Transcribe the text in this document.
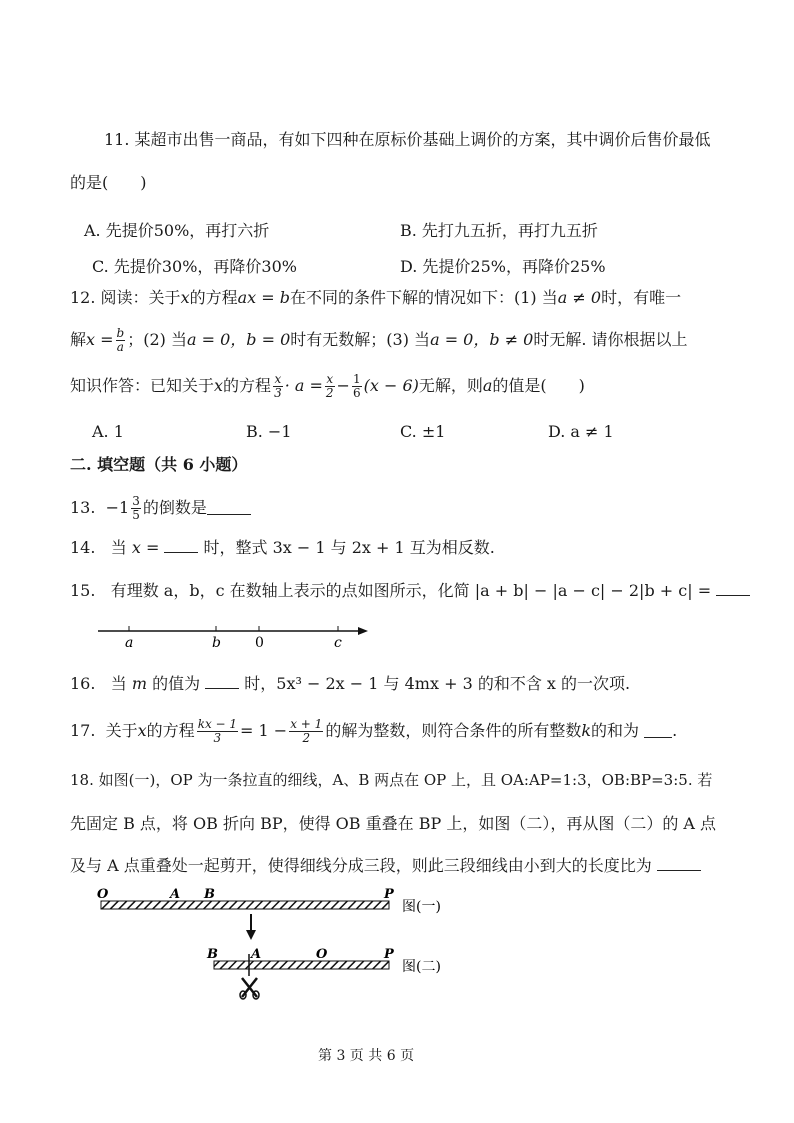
11. 某超市出售一商品，有如下四种在原标价基础上调价的方案，其中调价后售价最低
的是(　　)
A. 先提价50%，再打六折	B. 先打九五折，再打九五折
C. 先提价30%，再降价30%	D. 先提价25%，再降价25%
12. 阅读：关于x的方程ax = b在不同的条件下解的情况如下：(1) 当a ≠ 0时，有唯一
解 $x = \frac{b}{a}$ ；(2) 当 a = 0，b = 0 时有无数解；(3) 当 a = 0，b ≠ 0 时无解. 请你根据以上
知识作答：已知关于 x 的方程 $\frac{x}{3} \cdot a = \frac{x}{2} - \frac{1}{6} (x - 6)$ 无解，则 a 的值是(　　)
A. 1	B. −1	C. ±1	D. a ≠ 1
二. 填空题（共 6 小题）
13.
$-1 \frac{3}{5}$ 的倒数是
14. 当 x =	时，整式 3x − 1 与 2x + 1 互为相反数.
15. 有理数 a，b，c 在数轴上表示的点如图所示，化简 |a + b| − |a − c| − 2|b + c| =
a	b 0	c
O	A B	P
图(一)
B	A	O	P
图(二)
16. 当 m 的值为	时，5x³ − 2x − 1 与 4mx + 3 的和不含 x 的一次项.
17.
关于 x 的方程 $\frac{kx - 1}{3} = 1 - \frac{x + 1}{2}$ 的解为整数，则符合条件的所有整数 k 的和为
.
18. 如图(一)，OP 为一条拉直的细线，A、B 两点在 OP 上，且 OA:AP=1:3，OB:BP=3:5. 若
先固定 B 点，将 OB 折向 BP，使得 OB 重叠在 BP 上，如图（二），再从图（二）的 A 点
及与 A 点重叠处一起剪开，使得细线分成三段，则此三段细线由小到大的长度比为
第 3 页 共 6 页
